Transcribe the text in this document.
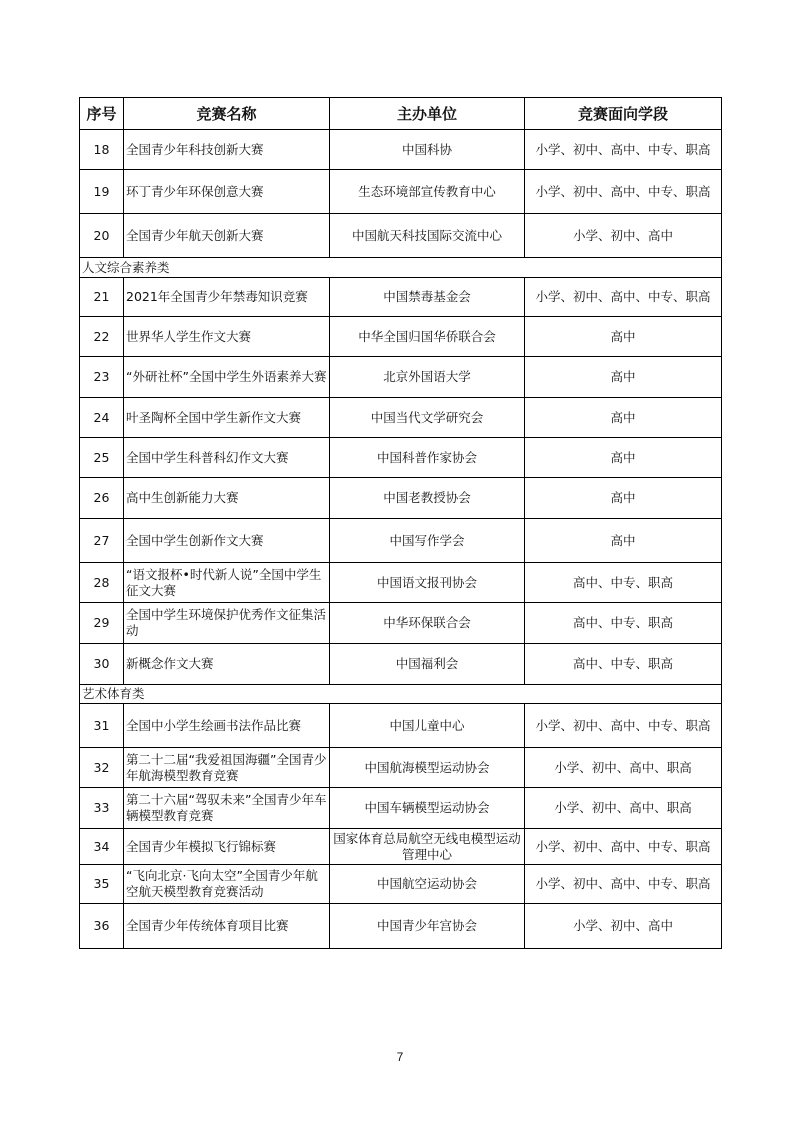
序号	竞赛名称	主办单位	竞赛面向学段
18	全国青少年科技创新大赛	中国科协	小学、初中、高中、中专、职高
19	环丁青少年环保创意大赛	生态环境部宣传教育中心	小学、初中、高中、中专、职高
20	全国青少年航天创新大赛	中国航天科技国际交流中心	小学、初中、高中
人文综合素养类			
21	2021年全国青少年禁毒知识竞赛	中国禁毒基金会	小学、初中、高中、中专、职高
22	世界华人学生作文大赛	中华全国归国华侨联合会	高中
23	“外研社杯”全国中学生外语素养大赛	北京外国语大学	高中
24	叶圣陶杯全国中学生新作文大赛	中国当代文学研究会	高中
25	全国中学生科普科幻作文大赛	中国科普作家协会	高中
26	高中生创新能力大赛	中国老教授协会	高中
27	全国中学生创新作文大赛	中国写作学会	高中
28	“语文报杯•时代新人说”全国中学生征文大赛	中国语文报刊协会	高中、中专、职高
29	全国中学生环境保护优秀作文征集活动	中华环保联合会	高中、中专、职高
30	新概念作文大赛	中国福利会	高中、中专、职高
艺术体育类			
31	全国中小学生绘画书法作品比赛	中国儿童中心	小学、初中、高中、中专、职高
32	第二十二届“我爱祖国海疆”全国青少年航海模型教育竞赛	中国航海模型运动协会	小学、初中、高中、职高
33	第二十六届“驾驭未来”全国青少年车辆模型教育竞赛	中国车辆模型运动协会	小学、初中、高中、职高
34	全国青少年模拟飞行锦标赛	国家体育总局航空无线电模型运动管理中心	小学、初中、高中、中专、职高
35	“飞向北京·飞向太空”全国青少年航空航天模型教育竞赛活动	中国航空运动协会	小学、初中、高中、中专、职高
36	全国青少年传统体育项目比赛	中国青少年宫协会	小学、初中、高中
7
